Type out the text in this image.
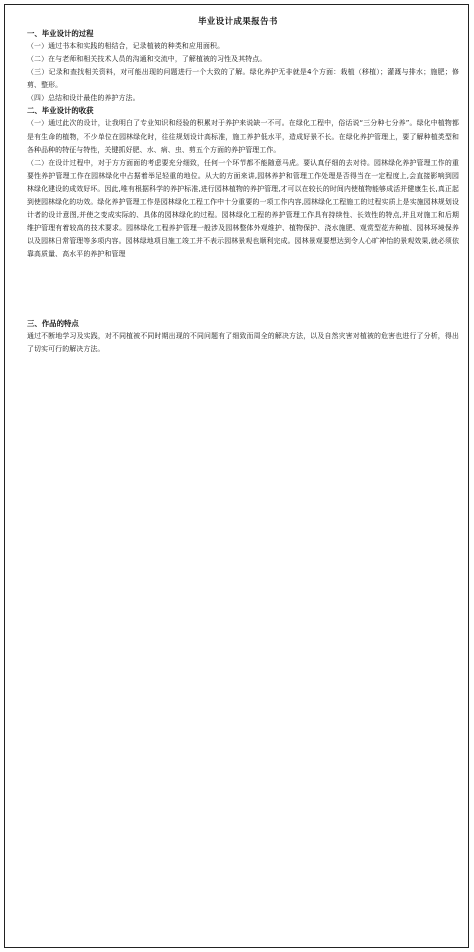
毕业设计成果报告书
一、毕业设计的过程

（一）通过书本和实践的相结合，记录植被的种类和应用面积。

（二）在与老师和相关技术人员的沟通和交流中，了解植被的习性及其特点。

（三）记录和查找相关资料，对可能出现的问题进行一个大致的了解。绿化养护无非就是4个方面：栽植（移植）；灌溉与排水；施肥；修剪、整形。

（四）总结和设计最佳的养护方法。

二、毕业设计的收获

（一）通过此次的设计，让我明白了专业知识和经验的积累对于养护来说缺一不可。在绿化工程中，俗话说“三分种七分养”。绿化中植物都是有生命的植物，不少单位在园林绿化时，往往规划设计高标准，施工养护低水平，造成好景不长。在绿化养护管理上，要了解种植类型和各种品种的特征与特性，关键抓好肥、水、病、虫、剪五个方面的养护管理工作。

（二）在设计过程中，对于方方面面的考虑要充分细致，任何一个环节都不能随意马虎。要认真仔细的去对待。园林绿化养护管理工作的重要性养护管理工作在园林绿化中占据着举足轻重的地位。从大的方面来讲,园林养护和管理工作处理是否得当在一定程度上,会直接影响到园林绿化建设的成效好坏。因此,唯有根据科学的养护标准,进行园林植物的养护管理,才可以在较长的时间内使植物能够成活并健康生长,真正起到使园林绿化的功效。绿化养护管理工作是园林绿化工程工作中十分重要的一项工作内容,园林绿化工程施工的过程实质上是实施园林规划设计者的设计意图,并使之变成实际的、具体的园林绿化的过程。园林绿化工程的养护管理工作具有持续性、长效性的特点,并且对施工和后期维护管理有着较高的技术要求。园林绿化工程养护管理一般涉及园林整体外观维护、植物保护、浇水施肥、观赏型花卉种植、园林环境保养以及园林日常管理等多项内容。园林绿地项目施工竣工并不表示园林景观也顺利完成。园林景观要想达到令人心旷神怡的景观效果,就必须依靠高质量、高水平的养护和管理

三、作品的特点

通过不断地学习及实践，对不同植被不同时期出现的不同问题有了细致而周全的解决方法，以及自然灾害对植被的危害也进行了分析，得出了切实可行的解决方法。
